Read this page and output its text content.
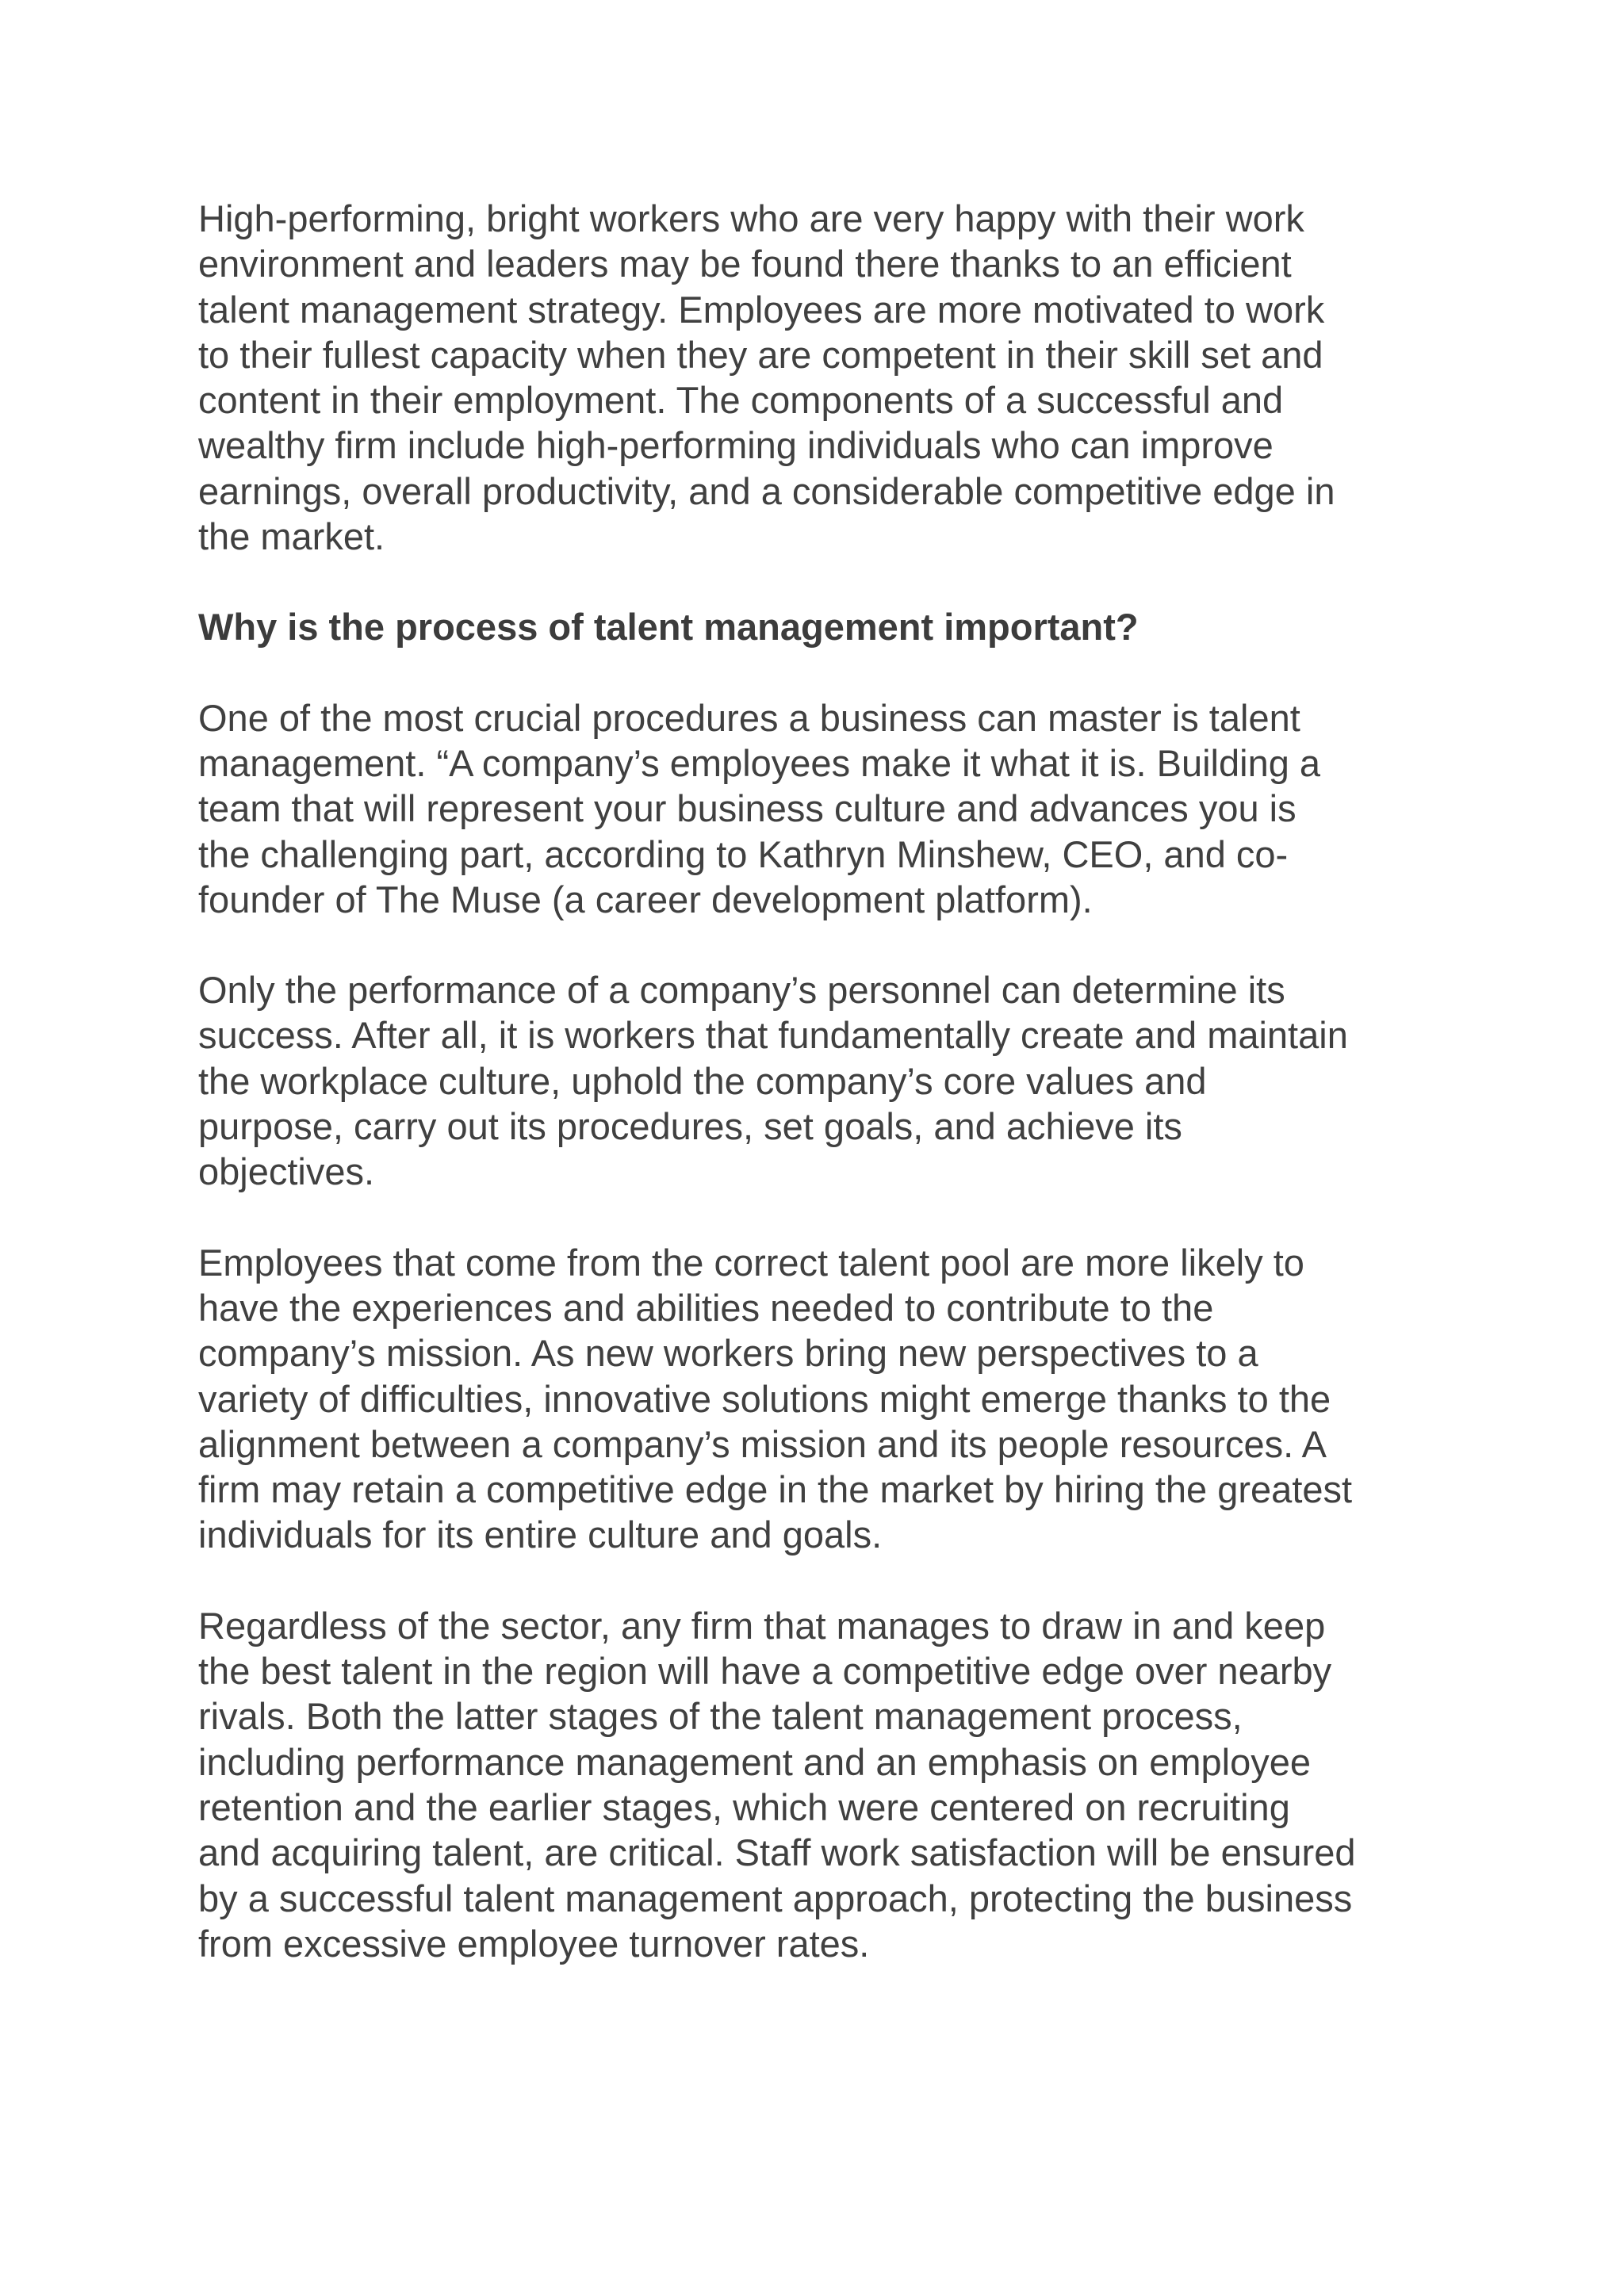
High-performing, bright workers who are very happy with their work
environment and leaders may be found there thanks to an efficient
talent management strategy. Employees are more motivated to work
to their fullest capacity when they are competent in their skill set and
content in their employment. The components of a successful and
wealthy firm include high-performing individuals who can improve
earnings, overall productivity, and a considerable competitive edge in
the market.

Why is the process of talent management important?

One of the most crucial procedures a business can master is talent
management. “A company’s employees make it what it is. Building a
team that will represent your business culture and advances you is
the challenging part, according to Kathryn Minshew, CEO, and co-
founder of The Muse (a career development platform).

Only the performance of a company’s personnel can determine its
success. After all, it is workers that fundamentally create and maintain
the workplace culture, uphold the company’s core values and
purpose, carry out its procedures, set goals, and achieve its
objectives.

Employees that come from the correct talent pool are more likely to
have the experiences and abilities needed to contribute to the
company’s mission. As new workers bring new perspectives to a
variety of difficulties, innovative solutions might emerge thanks to the
alignment between a company’s mission and its people resources. A
firm may retain a competitive edge in the market by hiring the greatest
individuals for its entire culture and goals.

Regardless of the sector, any firm that manages to draw in and keep
the best talent in the region will have a competitive edge over nearby
rivals. Both the latter stages of the talent management process,
including performance management and an emphasis on employee
retention and the earlier stages, which were centered on recruiting
and acquiring talent, are critical. Staff work satisfaction will be ensured
by a successful talent management approach, protecting the business
from excessive employee turnover rates.
